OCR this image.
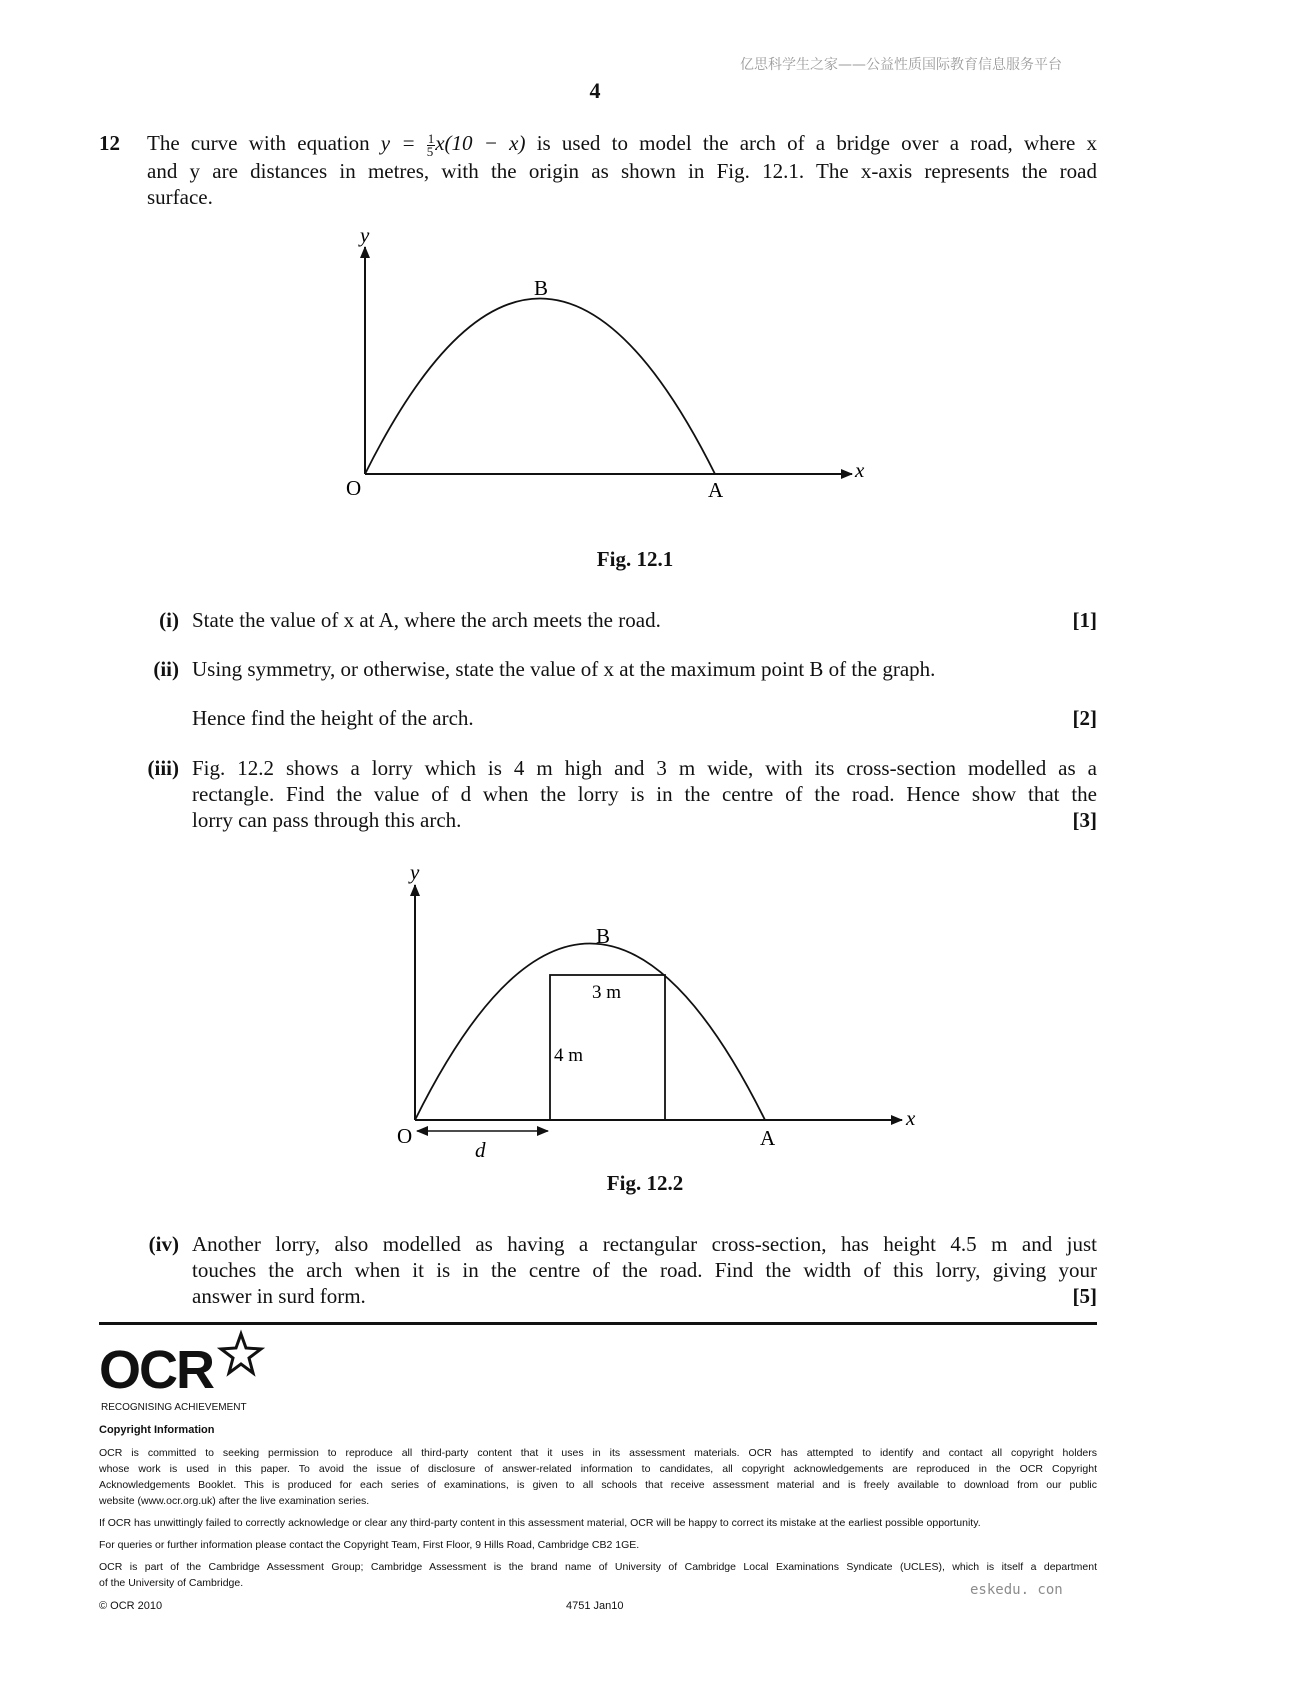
亿思科学生之家——公益性质国际教育信息服务平台
4
12 The curve with equation $y = \frac{1}{5} x(10 - x)$ is used to model the arch of a bridge over a road, where x
and y are distances in metres, with the origin as shown in Fig. 12.1. The x-axis represents the road
surface.
y
x
O	A
B
Fig. 12.1
(i) State the value of x at A, where the arch meets the road.	[1]
(ii) Using symmetry, or otherwise, state the value of x at the maximum point B of the graph.
Hence find the height of the arch.	[2]
(iii) Fig. 12.2 shows a lorry which is 4 m high and 3 m wide, with its cross-section modelled as a
rectangle. Find the value of d when the lorry is in the centre of the road. Hence show that the
lorry can pass through this arch.	[3]
y
x
O	A
B
3 m
4 m
d
Fig. 12.2
(iv) Another lorry, also modelled as having a rectangular cross-section, has height 4.5 m and just
touches the arch when it is in the centre of the road. Find the width of this lorry, giving your
answer in surd form.	[5]
OCR
RECOGNISING ACHIEVEMENT
Copyright Information
OCR is committed to seeking permission to reproduce all third-party content that it uses in its assessment materials. OCR has attempted to identify and contact all copyright holders
whose work is used in this paper. To avoid the issue of disclosure of answer-related information to candidates, all copyright acknowledgements are reproduced in the OCR Copyright
Acknowledgements Booklet. This is produced for each series of examinations, is given to all schools that receive assessment material and is freely available to download from our public
website (www.ocr.org.uk) after the live examination series.
If OCR has unwittingly failed to correctly acknowledge or clear any third-party content in this assessment material, OCR will be happy to correct its mistake at the earliest possible opportunity.
For queries or further information please contact the Copyright Team, First Floor, 9 Hills Road, Cambridge CB2 1GE.
OCR is part of the Cambridge Assessment Group; Cambridge Assessment is the brand name of University of Cambridge Local Examinations Syndicate (UCLES), which is itself a department
of the University of Cambridge.	eskedu. con
© OCR 2010	4751 Jan10
